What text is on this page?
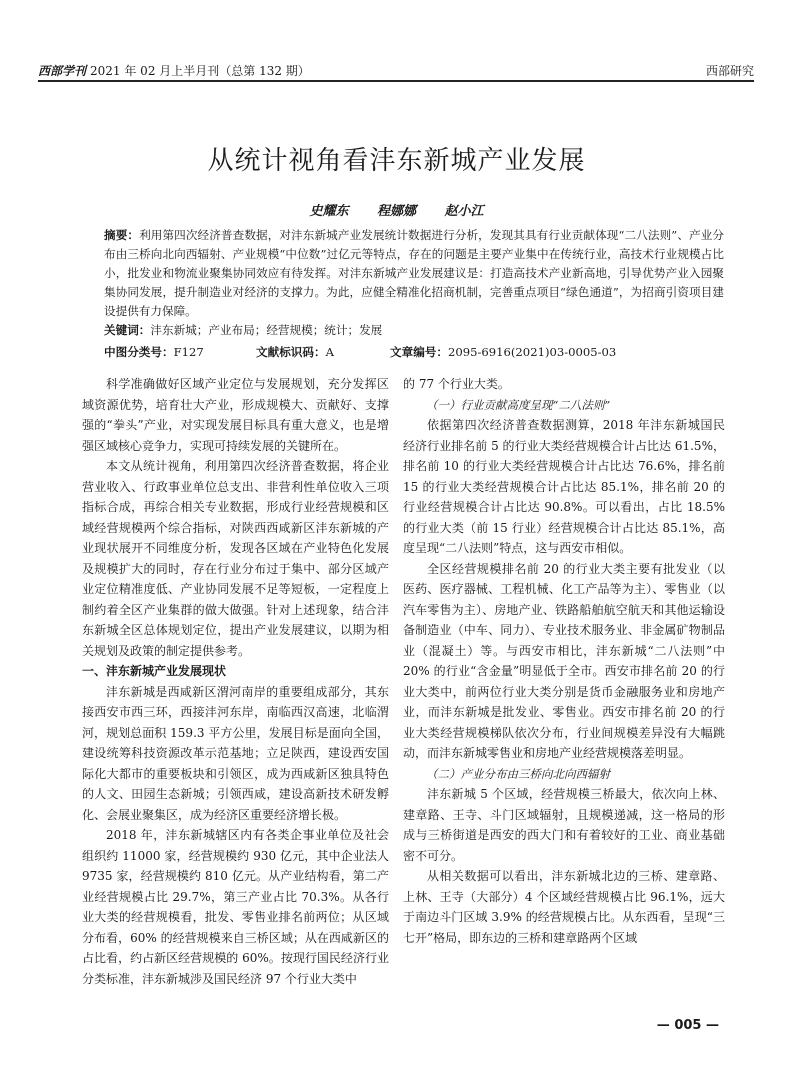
西部学刊 2021 年 02 月上半月刊（总第 132 期）	西部研究
从统计视角看沣东新城产业发展
史耀东 程娜娜 赵小江
摘要：利用第四次经济普查数据，对沣东新城产业发展统计数据进行分析，发现其具有行业贡献体现“二八法则”、产业分布由三桥向北向西辐射、产业规模“中位数”过亿元等特点，存在的问题是主要产业集中在传统行业，高技术行业规模占比小，批发业和物流业聚集协同效应有待发挥。对沣东新城产业发展建议是：打造高技术产业新高地，引导优势产业入园聚集协同发展，提升制造业对经济的支撑力。为此，应健全精准化招商机制，完善重点项目“绿色通道”，为招商引资项目建设提供有力保障。
关键词：沣东新城；产业布局；经营规模；统计；发展
中图分类号：F127	文献标识码：A	文章编号：2095-6916(2021)03-0005-03

科学准确做好区域产业定位与发展规划，充分发挥区域资源优势，培育壮大产业，形成规模大、贡献好、支撑强的“拳头”产业，对实现发展目标具有重大意义，也是增强区域核心竞争力，实现可持续发展的关键所在。

本文从统计视角，利用第四次经济普查数据，将企业营业收入、行政事业单位总支出、非营利性单位收入三项指标合成，再综合相关专业数据，形成行业经营规模和区域经营规模两个综合指标，对陕西西咸新区沣东新城的产业现状展开不同维度分析，发现各区域在产业特色化发展及规模扩大的同时，存在行业分布过于集中、部分区域产业定位精准度低、产业协同发展不足等短板，一定程度上制约着全区产业集群的做大做强。针对上述现象，结合沣东新城全区总体规划定位，提出产业发展建议，以期为相关规划及政策的制定提供参考。

一、沣东新城产业发展现状

沣东新城是西咸新区渭河南岸的重要组成部分，其东接西安市西三环，西接沣河东岸，南临西汉高速，北临渭河，规划总面积 159.3 平方公里，发展目标是面向全国，建设统筹科技资源改革示范基地；立足陕西，建设西安国际化大都市的重要板块和引领区，成为西咸新区独具特色的人文、田园生态新城；引领西咸，建设高新技术研发孵化、会展业聚集区，成为经济区重要经济增长极。

2018 年，沣东新城辖区内有各类企事业单位及社会组织约 11000 家，经营规模约 930 亿元，其中企业法人 9735 家，经营规模约 810 亿元。从产业结构看，第二产业经营规模占比 29.7%，第三产业占比 70.3%。从各行业大类的经营规模看，批发、零售业排名前两位；从区域分布看，60% 的经营规模来自三桥区域；从在西咸新区的占比看，约占新区经营规模的 60%。按现行国民经济行业分类标准，沣东新城涉及国民经济 97 个行业大类中

的 77 个行业大类。

（一）行业贡献高度呈现“二八法则”

依据第四次经济普查数据测算，2018 年沣东新城国民经济行业排名前 5 的行业大类经营规模合计占比达 61.5%，排名前 10 的行业大类经营规模合计占比达 76.6%，排名前 15 的行业大类经营规模合计占比达 85.1%，排名前 20 的行业经营规模合计占比达 90.8%。可以看出，占比 18.5% 的行业大类（前 15 行业）经营规模合计占比达 85.1%，高度呈现“二八法则”特点，这与西安市相似。

全区经营规模排名前 20 的行业大类主要有批发业（以医药、医疗器械、工程机械、化工产品等为主）、零售业（以汽车零售为主）、房地产业、铁路船舶航空航天和其他运输设备制造业（中车、同力）、专业技术服务业、非金属矿物制品业（混凝土）等。与西安市相比，沣东新城“二八法则”中 20% 的行业“含金量”明显低于全市。西安市排名前 20 的行业大类中，前两位行业大类分别是货币金融服务业和房地产业，而沣东新城是批发业、零售业。西安市排名前 20 的行业大类经营规模梯队依次分布，行业间规模差异没有大幅跳动，而沣东新城零售业和房地产业经营规模落差明显。

（二）产业分布由三桥向北向西辐射

沣东新城 5 个区域，经营规模三桥最大，依次向上林、建章路、王寺、斗门区域辐射，且规模递减，这一格局的形成与三桥街道是西安的西大门和有着较好的工业、商业基础密不可分。

从相关数据可以看出，沣东新城北边的三桥、建章路、上林、王寺（大部分）4 个区域经营规模占比 96.1%，远大于南边斗门区域 3.9% 的经营规模占比。从东西看，呈现“三七开”格局，即东边的三桥和建章路两个区域

— 005 —
